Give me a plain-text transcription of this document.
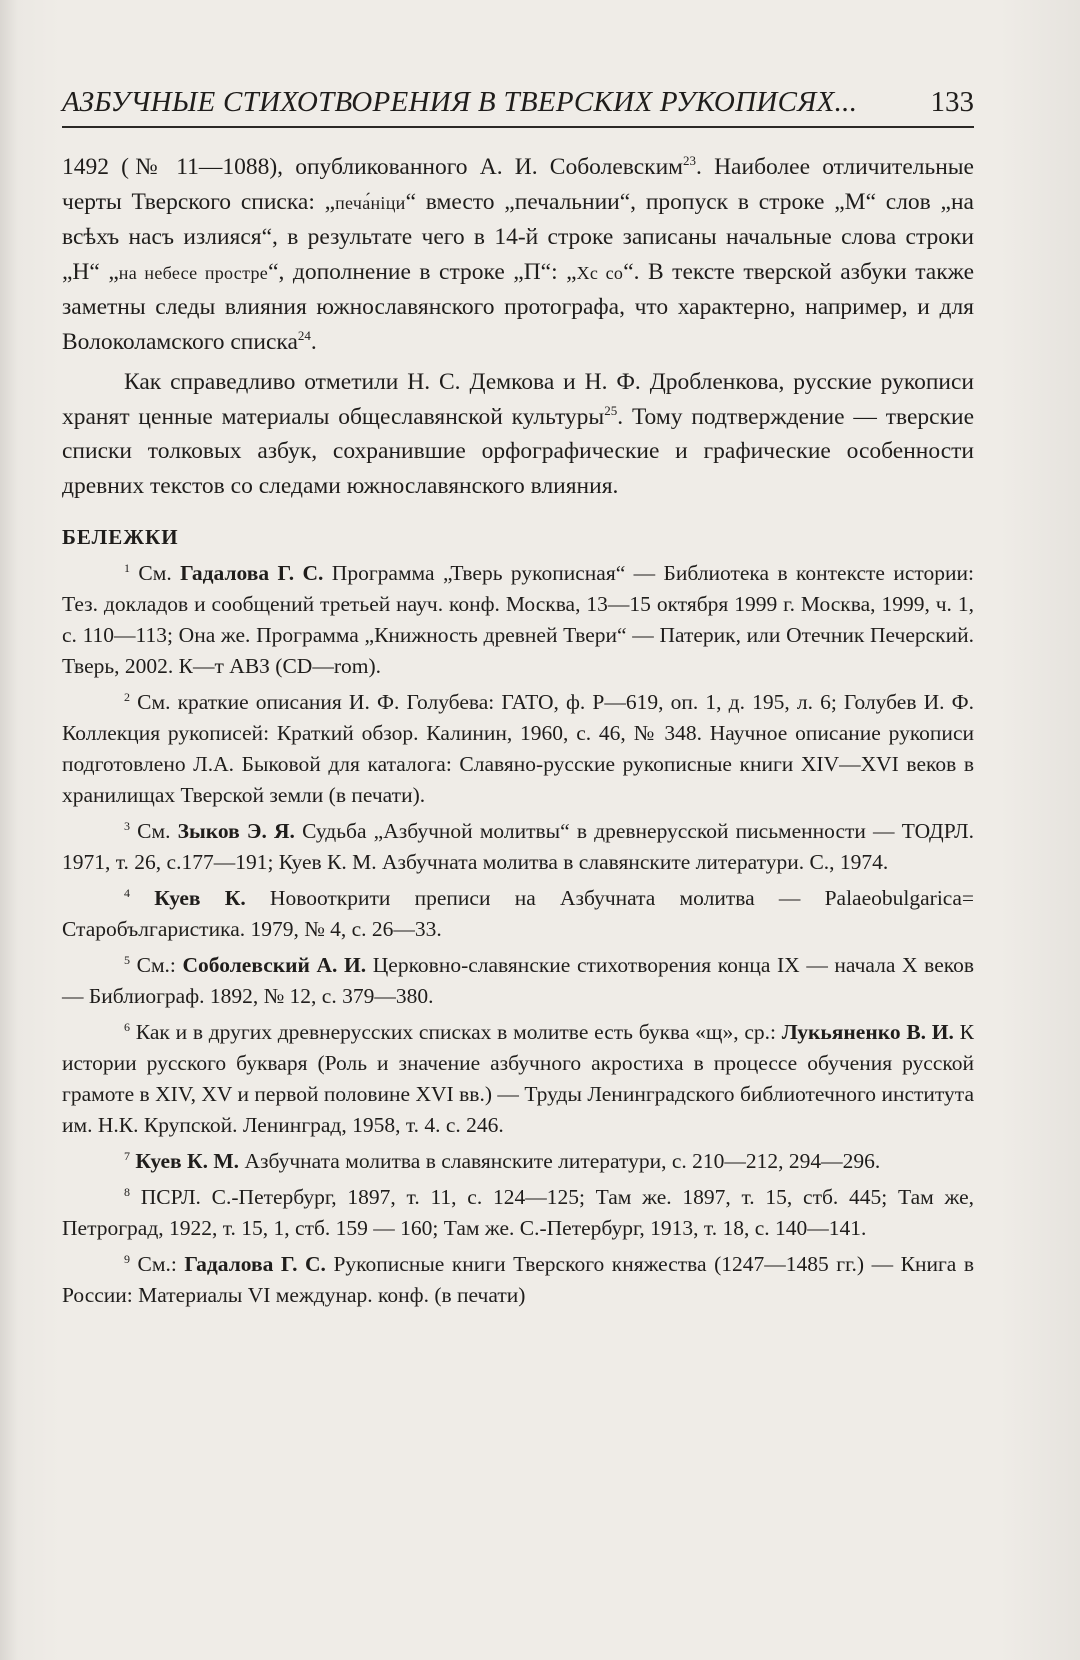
АЗБУЧНЫЕ СТИХОТВОРЕНИЯ В ТВЕРСКИХ РУКОПИСЯХ...	133

1492 (№ 11—1088), опубликованного А. И. Соболевским$^{23}$. Наиболее отличительные черты Тверского списка: „печа́ніци“ вместо „печальнии“, пропуск в строке „М“ слов „на всѣхъ насъ излияся“, в результате чего в 14-й строке записаны начальные слова строки „Н“ „на небесе простре“, дополнение в строке „П“: „Хс со“. В тексте тверской азбуки также заметны следы влияния южнославянского протографа, что характерно, например, и для Волоколамского списка$^{24}$.

Как справедливо отметили Н. С. Демкова и Н. Ф. Дробленкова, русские рукописи хранят ценные материалы общеславянской культуры$^{25}$. Тому подтверждение — тверские списки толковых азбук, сохранившие орфографические и графические особенности древних текстов со следами южнославянского влияния.

БЕЛЕЖКИ

$^1$ См. Гадалова Г. С. Программа „Тверь рукописная“ — Библиотека в контексте истории: Тез. докладов и сообщений третьей науч. конф. Москва, 13—15 октября 1999 г. Москва, 1999, ч. 1, с. 110—113; Она же. Программа „Книжность древней Твери“ — Патерик, или Отечник Печерский. Тверь, 2002. К—т АВЗ (CD—rom).

$^2$ См. краткие описания И. Ф. Голубева: ГАТО, ф. Р—619, оп. 1, д. 195, л. 6; Голубев И. Ф. Коллекция рукописей: Краткий обзор. Калинин, 1960, с. 46, № 348. Научное описание рукописи подготовлено Л.А. Быковой для каталога: Славяно-русские рукописные книги XIV—XVI веков в хранилищах Тверской земли (в печати).

$^3$ См. Зыков Э. Я. Судьба „Азбучной молитвы“ в древнерусской письменности — ТОДРЛ. 1971, т. 26, с.177—191; Куев К. М. Азбучната молитва в славянските литератури. С., 1974.

$^4$ Куев К. Новооткрити преписи на Азбучната молитва — Palaeobulgarica= Старобългаристика. 1979, № 4, с. 26—33.

$^5$ См.: Соболевский А. И. Церковно-славянские стихотворения конца IX — начала X веков — Библиограф. 1892, № 12, с. 379—380.

$^6$ Как и в других древнерусских списках в молитве есть буква «щ», ср.: Лукьяненко В. И. К истории русского букваря (Роль и значение азбучного акростиха в процессе обучения русской грамоте в XIV, XV и первой половине XVI вв.) — Труды Ленинградского библиотечного института им. Н.К. Крупской. Ленинград, 1958, т. 4. с. 246.

$^7$ Куев К. М. Азбучната молитва в славянските литератури, с. 210—212, 294—296.

$^8$ ПСРЛ. С.-Петербург, 1897, т. 11, с. 124—125; Там же. 1897, т. 15, стб. 445; Там же, Петроград, 1922, т. 15, 1, стб. 159 — 160; Там же. С.-Петербург, 1913, т. 18, с. 140—141.

$^9$ См.: Гадалова Г. С. Рукописные книги Тверского княжества (1247—1485 гг.) — Книга в России: Материалы VI междунар. конф. (в печати)
